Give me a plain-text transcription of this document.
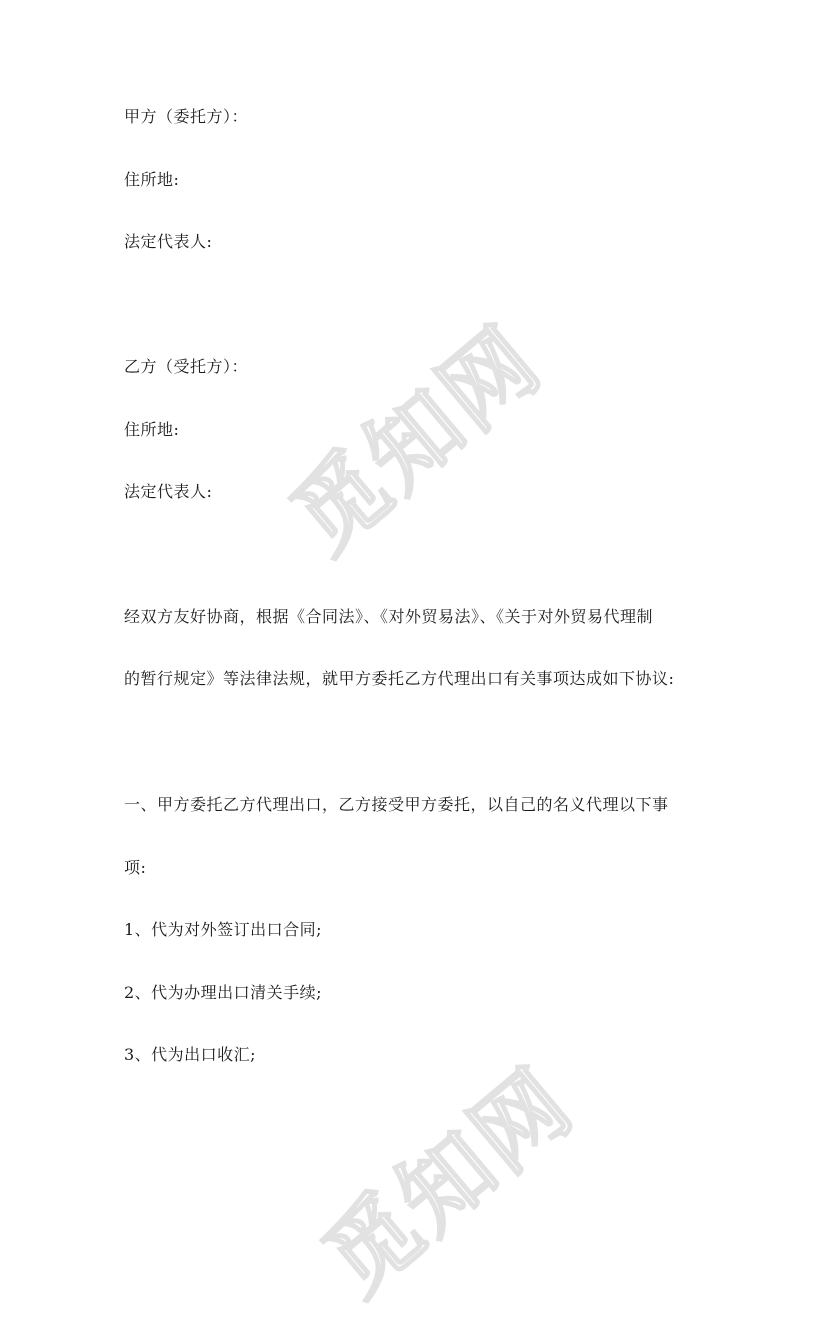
觅知网
觅知网
甲方（委托方）：
住所地:
法定代表人:
乙方（受托方）：
住所地:
法定代表人:
经双方友好协商，根据《合同法》、《对外贸易法》、《关于对外贸易代理制
的暂行规定》等法律法规，就甲方委托乙方代理出口有关事项达成如下协议:
一、甲方委托乙方代理出口，乙方接受甲方委托，以自己的名义代理以下事
项:
1、代为对外签订出口合同;
2、代为办理出口清关手续;
3、代为出口收汇;
